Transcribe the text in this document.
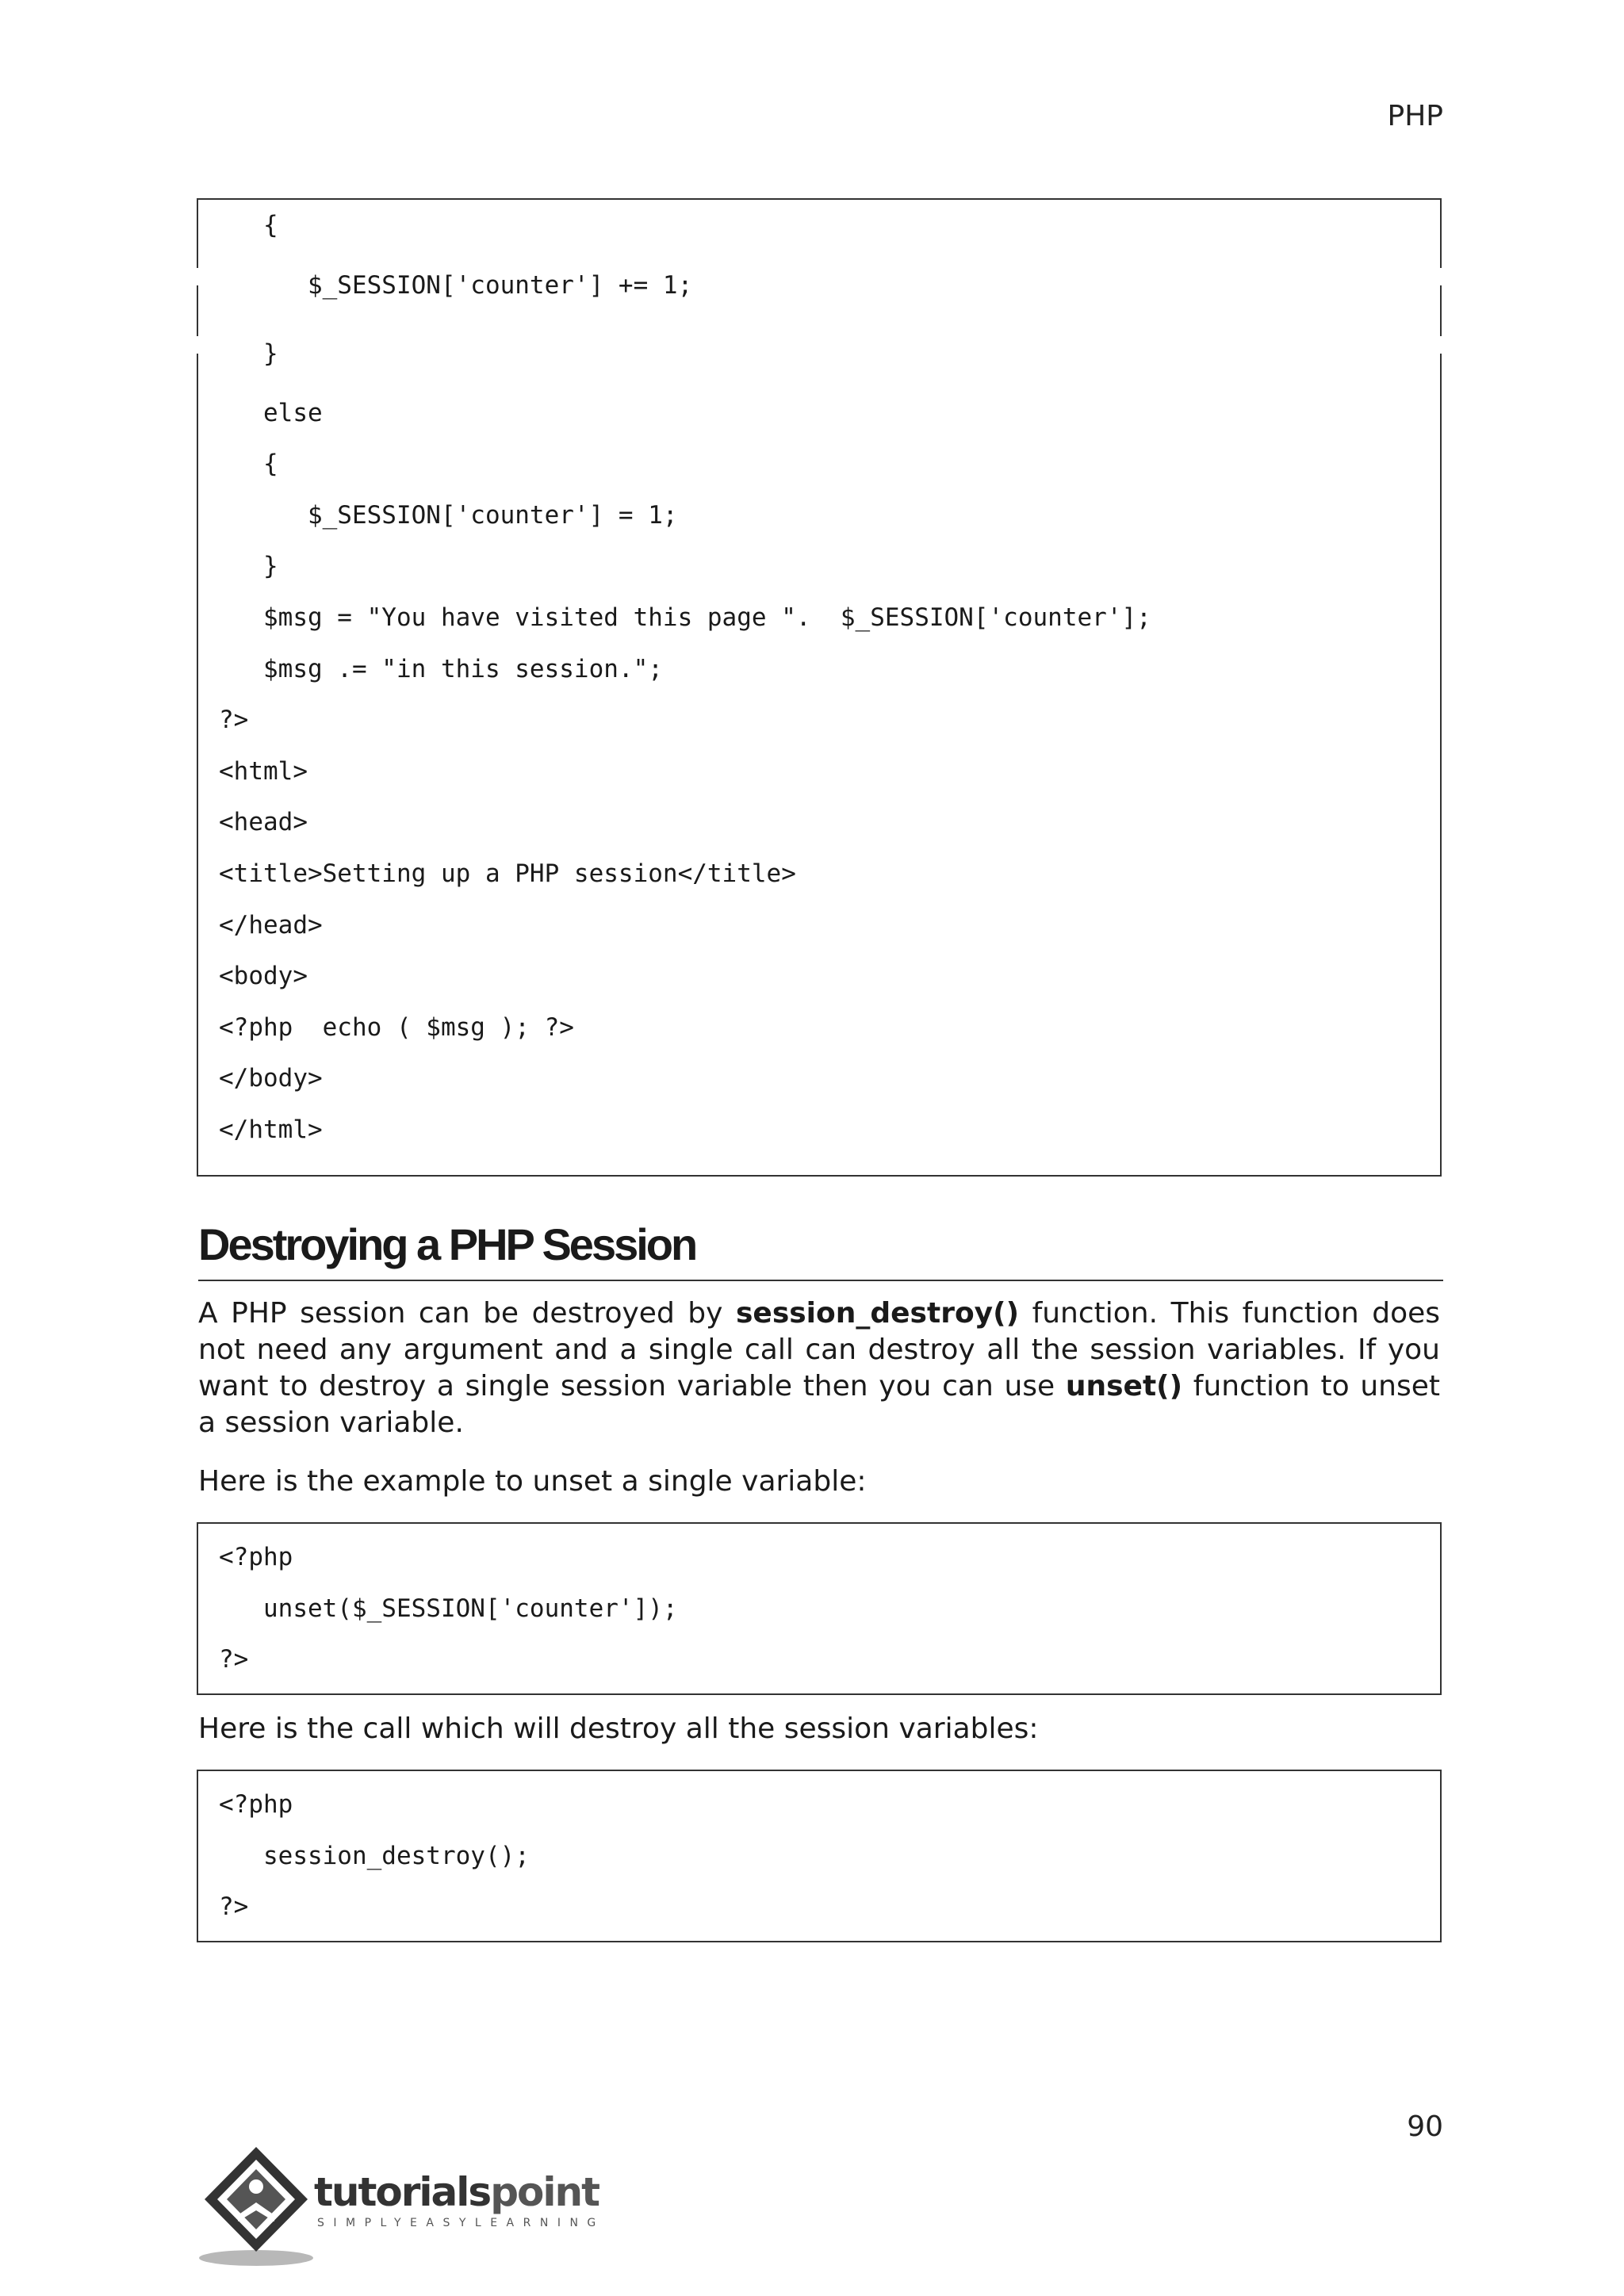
PHP
{
$_SESSION['counter'] += 1;
}
else
{
$_SESSION['counter'] = 1;
}
$msg = "You have visited this page ".  $_SESSION['counter'];
$msg .= "in this session.";
?>
<html>
<head>
<title>Setting up a PHP session</title>
</head>
<body>
<?php  echo ( $msg ); ?>
</body>
</html>
Destroying a PHP Session
A PHP session can be destroyed by session_destroy() function. This function does not need any argument and a single call can destroy all the session variables. If you want to destroy a single session variable then you can use unset() function to unset a session variable.
Here is the example to unset a single variable:
<?php
unset($_SESSION['counter']);
?>
Here is the call which will destroy all the session variables:
<?php
session_destroy();
?>
90
tutorialspoint
SIMPLYEASYLEARNING
